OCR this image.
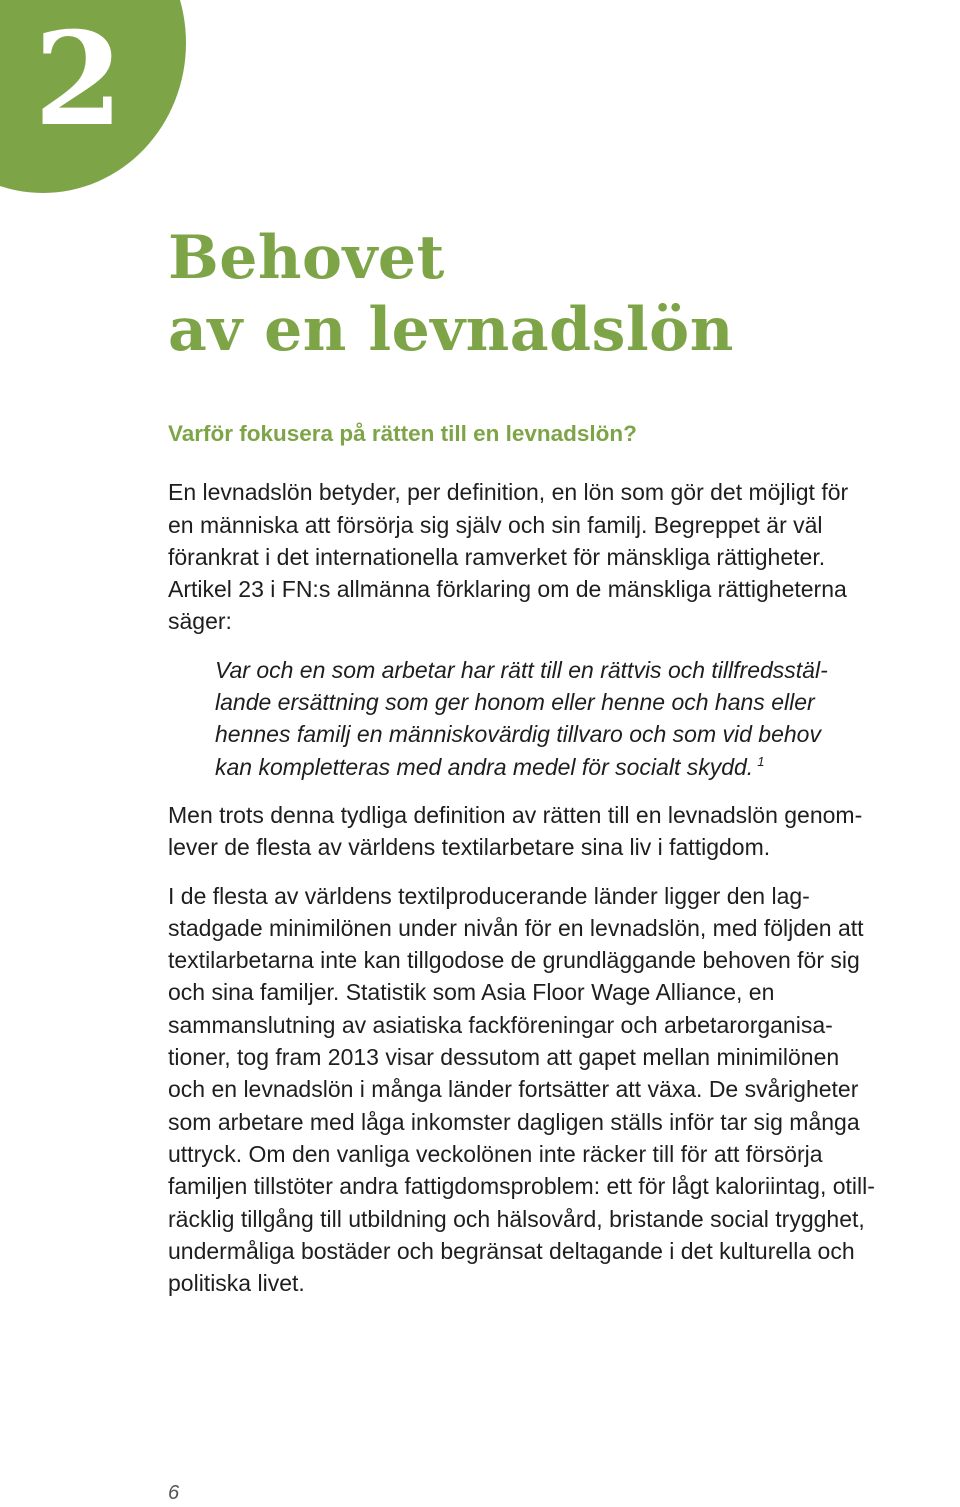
2
Behovet
av en levnadslön
Varför fokusera på rätten till en levnadslön?

En levnadslön betyder, per definition, en lön som gör det möjligt för
en människa att försörja sig själv och sin familj. Begreppet är väl
förankrat i det internationella ramverket för mänskliga rättigheter.
Artikel 23 i FN:s allmänna förklaring om de mänskliga rättigheterna
säger:

Var och en som arbetar har rätt till en rättvis och tillfredsstäl-
lande ersättning som ger honom eller henne och hans eller
hennes familj en människovärdig tillvaro och som vid behov
kan kompletteras med andra medel för socialt skydd. $^1$

Men trots denna tydliga definition av rätten till en levnadslön genom-
lever de flesta av världens textilarbetare sina liv i fattigdom.

I de flesta av världens textilproducerande länder ligger den lag-
stadgade minimilönen under nivån för en levnadslön, med följden att
textilarbetarna inte kan tillgodose de grundläggande behoven för sig
och sina familjer. Statistik som Asia Floor Wage Alliance, en
sammanslutning av asiatiska fackföreningar och arbetarorganisa-
tioner, tog fram 2013 visar dessutom att gapet mellan minimilönen
och en levnadslön i många länder fortsätter att växa. De svårigheter
som arbetare med låga inkomster dagligen ställs inför tar sig många
uttryck. Om den vanliga veckolönen inte räcker till för att försörja
familjen tillstöter andra fattigdomsproblem: ett för lågt kaloriintag, otill-
räcklig tillgång till utbildning och hälsovård, bristande social trygghet,
undermåliga bostäder och begränsat deltagande i det kulturella och
politiska livet.

6
